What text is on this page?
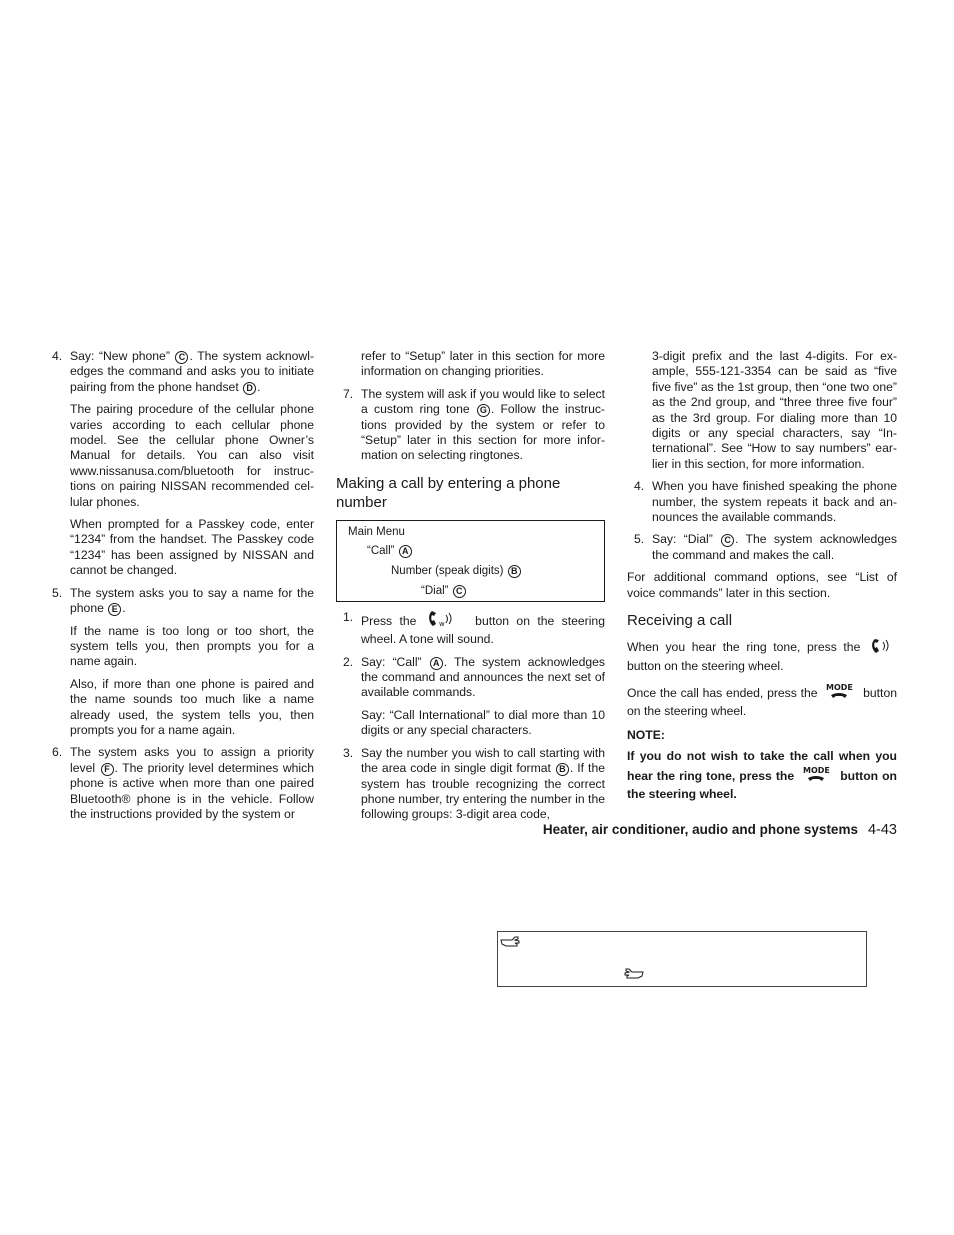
4. Say: “New phone” C . The system acknowl-edges the command and asks you to initiate pairing from the phone handset D .
The pairing procedure of the cellular phone varies according to each cellular phone model. See the cellular phone Owner’s Manual for details. You can also visit www.nissanusa.com/bluetooth for instruc-tions on pairing NISSAN recommended cel-lular phones.
When prompted for a Passkey code, enter “1234” from the handset. The Passkey code “1234” has been assigned by NISSAN and cannot be changed.
5. The system asks you to say a name for the phone E .
If the name is too long or too short, the system tells you, then prompts you for a name again.
Also, if more than one phone is paired and the name sounds too much like a name already used, the system tells you, then prompts you for a name again.
6. The system asks you to assign a priority level F . The priority level determines which phone is active when more than one paired Bluetooth® phone is in the vehicle. Follow the instructions provided by the system or
refer to “Setup” later in this section for more information on changing priorities.
7. The system will ask if you would like to select a custom ring tone G . Follow the instruc-tions provided by the system or refer to “Setup” later in this section for more infor-mation on selecting ringtones.
Making a call by entering a phone number
Main Menu
“Call” A
Number (speak digits) B
“Dial” C
1. Press the	w	button on the steering wheel. A tone will sound.
2. Say: “Call” A . The system acknowledges the command and announces the next set of available commands.
Say: “Call International” to dial more than 10 digits or any special characters.
3. Say the number you wish to call starting with the area code in single digit format B . If the system has trouble recognizing the correct phone number, try entering the number in the following groups: 3-digit area code,
3-digit prefix and the last 4-digits. For ex-ample, 555-121-3354 can be said as “five five five” as the 1st group, then “one two one” as the 2nd group, and “three three five four” as the 3rd group. For dialing more than 10 digits or any special characters, say “In-ternational”. See “How to say numbers” ear-lier in this section, for more information.
4. When you have finished speaking the phone number, the system repeats it back and an-nounces the available commands.
5. Say: “Dial” C . The system acknowledges the command and makes the call.
For additional command options, see “List of voice commands” later in this section.
Receiving a call
When you hear the ring tone, press the  button on the steering wheel.
Once the call has ended, press the MODE button on the steering wheel.
NOTE:
If you do not wish to take the call when you hear the ring tone, press the MODE button on the steering wheel.
Heater, air conditioner, audio and phone systems 4-43
